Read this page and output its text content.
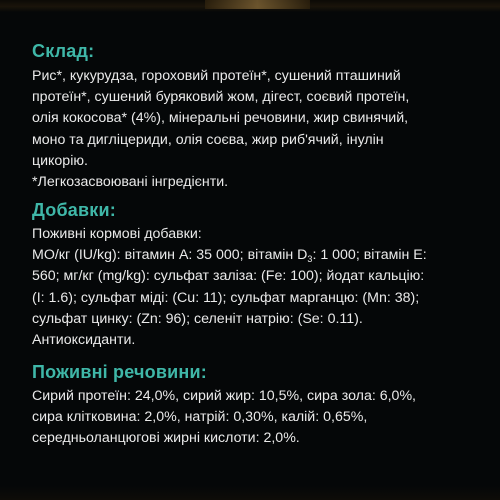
Склад:
Рис*, кукурудза, гороховий протеїн*, сушений пташиний
протеїн*, сушений буряковий жом, дігест, соєвий протеїн,
олія кокосова* (4%), мінеральні речовини, жир свинячий,
моно та дигліцериди, олія соєва, жир риб'ячий, інулін
цикорію.
*Легкозасвоювані інгредієнти.
Добавки:
Поживні кормові добавки:
МО/кг (IU/kg): вітамин А: 35 000; вітамін $D_3$: 1 000; вітамін E:
560; мг/кг (mg/kg): сульфат заліза: (Fe: 100); йодат кальцію:
(I: 1.6); сульфат міді: (Cu: 11); сульфат марганцю: (Mn: 38);
сульфат цинку: (Zn: 96); селеніт натрію: (Se: 0.11).
Антиоксиданти.
Поживні речовини:
Сирий протеїн: 24,0%, сирий жир: 10,5%, сира зола: 6,0%,
сира клітковина: 2,0%, натрій: 0,30%, калій: 0,65%,
середньоланцюгові жирні кислоти: 2,0%.
